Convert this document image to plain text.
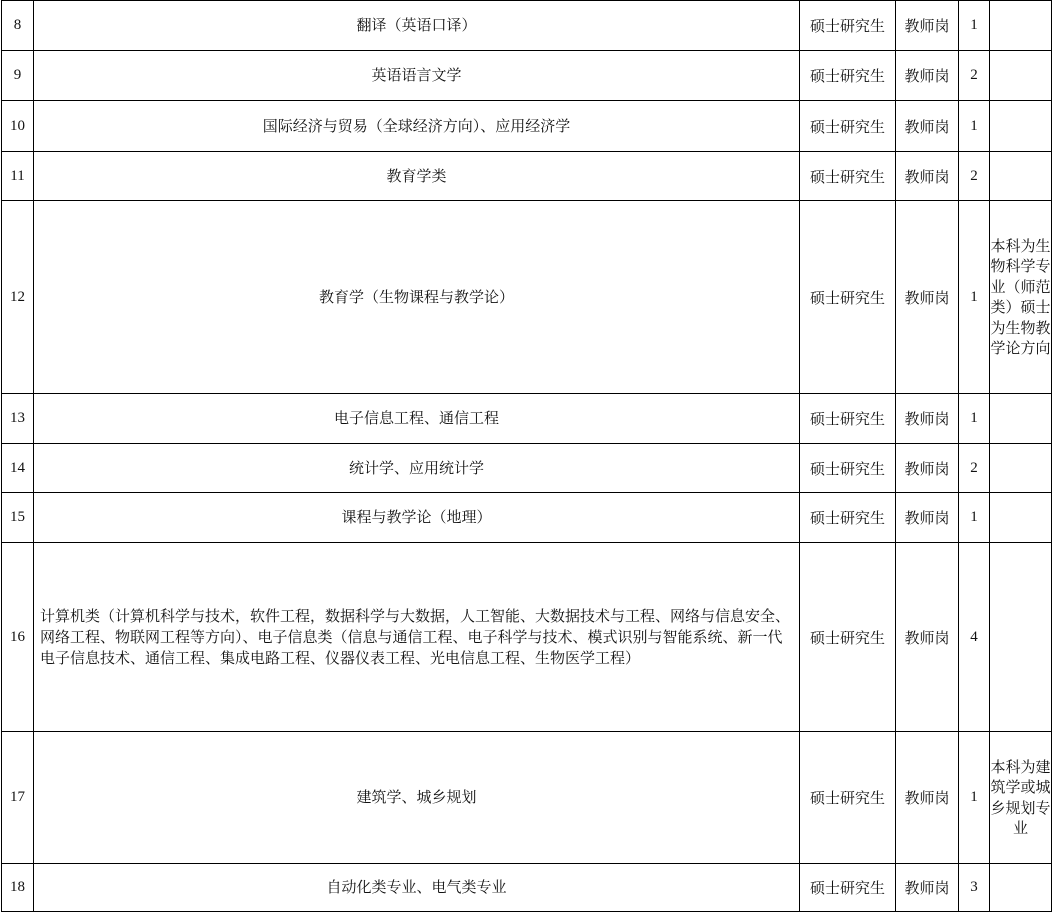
8	翻译（英语口译）	硕士研究生	教师岗	1	
9	英语语言文学	硕士研究生	教师岗	2	
10	国际经济与贸易（全球经济方向）、应用经济学	硕士研究生	教师岗	1	
11	教育学类	硕士研究生	教师岗	2	
12	教育学（生物课程与教学论）	硕士研究生	教师岗	1	本科为生物科学专业（师范类）硕士为生物教学论方向
13	电子信息工程、通信工程	硕士研究生	教师岗	1	
14	统计学、应用统计学	硕士研究生	教师岗	2	
15	课程与教学论（地理）	硕士研究生	教师岗	1	
16	计算机类（计算机科学与技术，软件工程，数据科学与大数据，人工智能、大数据技术与工程、网络与信息安全、网络工程、物联网工程等方向）、电子信息类（信息与通信工程、电子科学与技术、模式识别与智能系统、新一代电子信息技术、通信工程、集成电路工程、仪器仪表工程、光电信息工程、生物医学工程）	硕士研究生	教师岗	4	
17	建筑学、城乡规划	硕士研究生	教师岗	1	本科为建筑学或城乡规划专业
18	自动化类专业、电气类专业	硕士研究生	教师岗	3	
